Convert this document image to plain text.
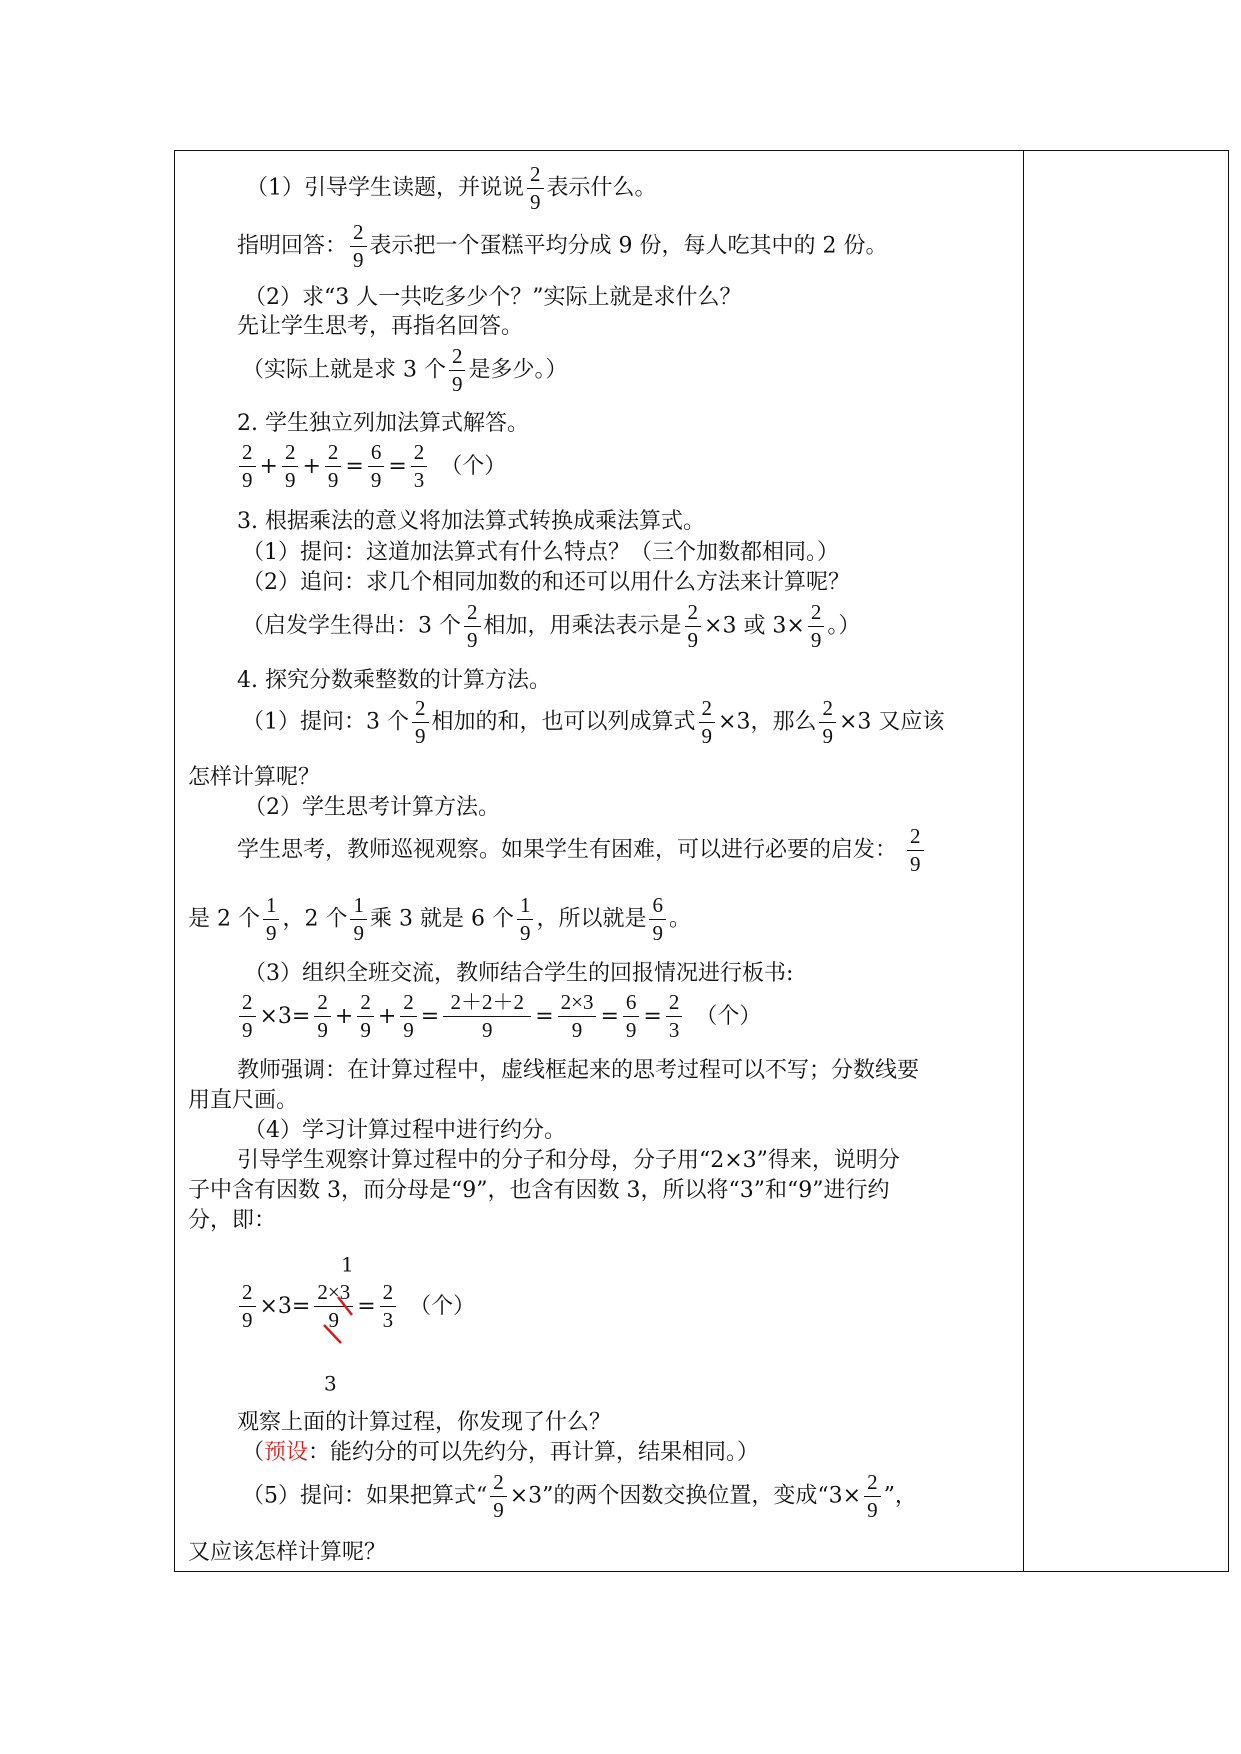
（1）引导学生读题，并说说 $\frac{2}{9}$ 表示什么。
指明回答： $\frac{2}{9}$ 表示把一个蛋糕平均分成 9 份，每人吃其中的 2 份。
（2）求“3 人一共吃多少个？”实际上就是求什么？
先让学生思考，再指名回答。
（实际上就是求 3 个 $\frac{2}{9}$ 是多少。）
2. 学生独立列加法算式解答。
$\frac{2}{9} + \frac{2}{9} + \frac{2}{9} = \frac{6}{9} = \frac{2}{3}$ （个）
3. 根据乘法的意义将加法算式转换成乘法算式。
（1）提问：这道加法算式有什么特点？（三个加数都相同。）
（2）追问：求几个相同加数的和还可以用什么方法来计算呢？
（启发学生得出：3 个 $\frac{2}{9}$ 相加，用乘法表示是 $\frac{2}{9} \times 3$ 或 $3\times \frac{2}{9}$ 。）
4. 探究分数乘整数的计算方法。
（1）提问：3 个 $\frac{2}{9}$ 相加的和，也可以列成算式 $\frac{2}{9} \times 3$，那么 $\frac{2}{9} \times 3$ 又应该
怎样计算呢？
（2）学生思考计算方法。
学生思考，教师巡视观察。如果学生有困难，可以进行必要的启发： $\frac{2}{9}$
是 2 个 $\frac{1}{9}$ ，2 个 $\frac{1}{9}$ 乘 3 就是 6 个 $\frac{1}{9}$ ，所以就是 $\frac{6}{9}$ 。
（3）组织全班交流，教师结合学生的回报情况进行板书:
$\frac{2}{9} \times 3= \frac{2}{9} + \frac{2}{9} + \frac{2}{9} = \frac{2+2+2}{9} = \frac{2\times 3}{9} = \frac{6}{9} = \frac{2}{3}$ （个）
教师强调：在计算过程中，虚线框起来的思考过程可以不写；分数线要
用直尺画。
（4）学习计算过程中进行约分。
引导学生观察计算过程中的分子和分母，分子用“2×3”得来，说明分
子中含有因数 3，而分母是“9”，也含有因数 3，所以将“3”和“9”进行约
分，即：
1
$\frac{2}{9} \times 3= \frac{2\times 3}{9} = \frac{2}{3}$ （个）
3
观察上面的计算过程，你发现了什么？
（预设：能约分的可以先约分，再计算，结果相同。）
（5）提问：如果把算式“ $\frac{2}{9} \times 3$”的两个因数交换位置，变成“$3\times \frac{2}{9}$ ”，
又应该怎样计算呢？
